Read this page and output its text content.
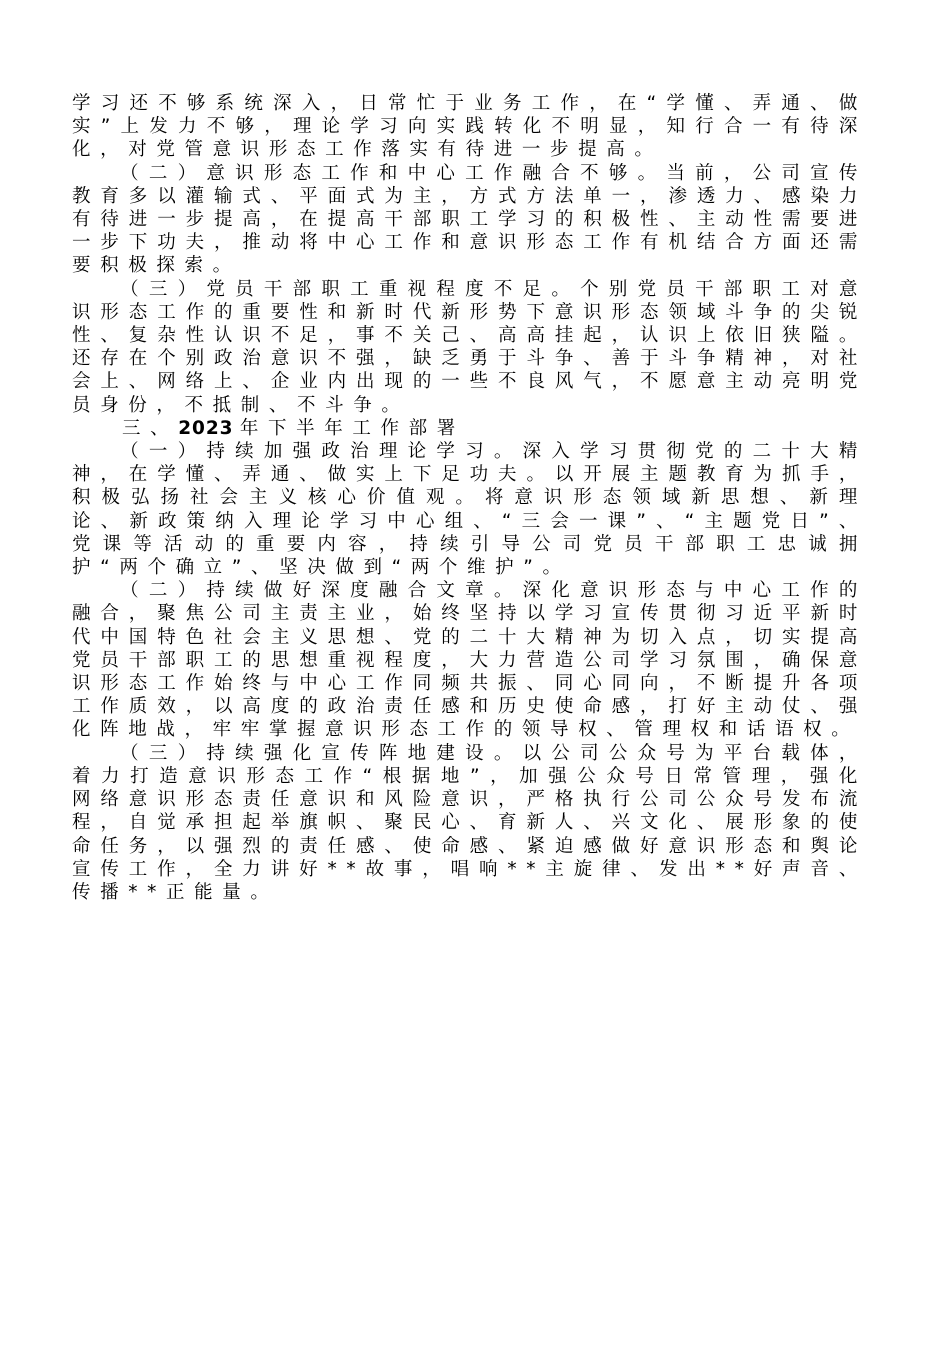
学习还不够系统深入，日常忙于业务工作，在“学懂、弄通、做实”上发力不够，理论学习向实践转化不明显，知行合一有待深化，对党管意识形态工作落实有待进一步提高。

（二）意识形态工作和中心工作融合不够。当前，公司宣传教育多以灌输式、平面式为主，方式方法单一，渗透力、感染力有待进一步提高，在提高干部职工学习的积极性、主动性需要进一步下功夫，推动将中心工作和意识形态工作有机结合方面还需要积极探索。

（三）党员干部职工重视程度不足。个别党员干部职工对意识形态工作的重要性和新时代新形势下意识形态领域斗争的尖锐性、复杂性认识不足，事不关己、高高挂起，认识上依旧狭隘。还存在个别政治意识不强，缺乏勇于斗争、善于斗争精神，对社会上、网络上、企业内出现的一些不良风气，不愿意主动亮明党员身份，不抵制、不斗争。

三、2023 年下半年工作部署

（一）持续加强政治理论学习。深入学习贯彻党的二十大精神，在学懂、弄通、做实上下足功夫。以开展主题教育为抓手，积极弘扬社会主义核心价值观。将意识形态领域新思想、新理论、新政策纳入理论学习中心组、“三会一课”、“主题党日”、党课等活动的重要内容，持续引导公司党员干部职工忠诚拥护“两个确立”、坚决做到“两个维护”。

（二）持续做好深度融合文章。深化意识形态与中心工作的融合，聚焦公司主责主业，始终坚持以学习宣传贯彻习近平新时代中国特色社会主义思想、党的二十大精神为切入点，切实提高党员干部职工的思想重视程度，大力营造公司学习氛围，确保意识形态工作始终与中心工作同频共振、同心同向，不断提升各项工作质效，以高度的政治责任感和历史使命感，打好主动仗、强化阵地战，牢牢掌握意识形态工作的领导权、管理权和话语权。

（三）持续强化宣传阵地建设。以公司公众号为平台载体，着力打造意识形态工作“根据地”，加强公众号日常管理，强化网络意识形态责任意识和风险意识，严格执行公司公众号发布流程，自觉承担起举旗帜、聚民心、育新人、兴文化、展形象的使命任务，以强烈的责任感、使命感、紧迫感做好意识形态和舆论宣传工作，全力讲好**故事，唱响**主旋律、发出**好声音、传播**正能量。
